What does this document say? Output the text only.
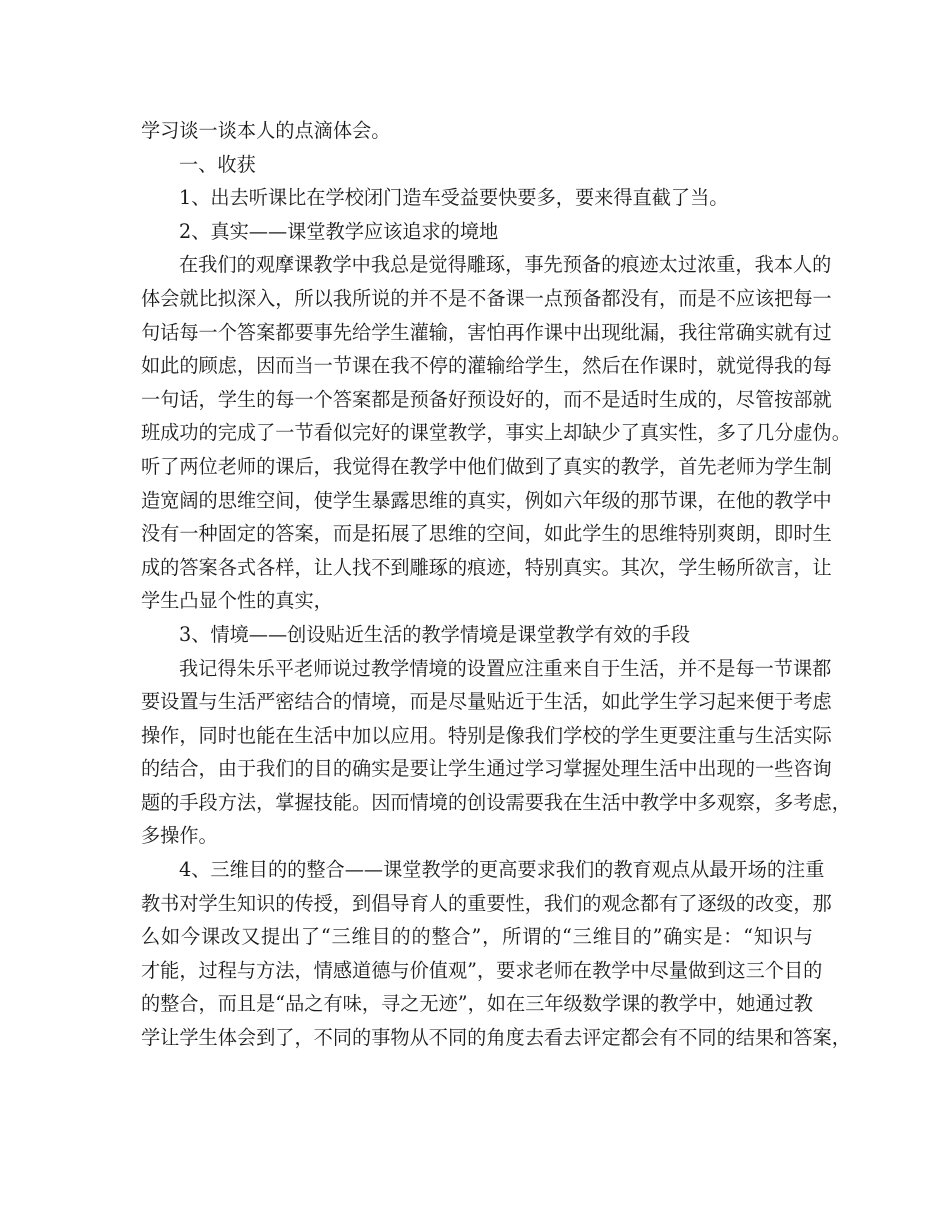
学习谈一谈本人的点滴体会。
一、收获
1、出去听课比在学校闭门造车受益要快要多，要来得直截了当。
2、真实——课堂教学应该追求的境地
在我们的观摩课教学中我总是觉得雕琢，事先预备的痕迹太过浓重，我本人的
体会就比拟深入，所以我所说的并不是不备课一点预备都没有，而是不应该把每一
句话每一个答案都要事先给学生灌输，害怕再作课中出现纰漏，我往常确实就有过
如此的顾虑，因而当一节课在我不停的灌输给学生，然后在作课时，就觉得我的每
一句话，学生的每一个答案都是预备好预设好的，而不是适时生成的，尽管按部就
班成功的完成了一节看似完好的课堂教学，事实上却缺少了真实性，多了几分虚伪。
听了两位老师的课后，我觉得在教学中他们做到了真实的教学，首先老师为学生制
造宽阔的思维空间，使学生暴露思维的真实，例如六年级的那节课，在他的教学中
没有一种固定的答案，而是拓展了思维的空间，如此学生的思维特别爽朗，即时生
成的答案各式各样，让人找不到雕琢的痕迹，特别真实。其次，学生畅所欲言，让
学生凸显个性的真实，
3、情境——创设贴近生活的教学情境是课堂教学有效的手段
我记得朱乐平老师说过教学情境的设置应注重来自于生活，并不是每一节课都
要设置与生活严密结合的情境，而是尽量贴近于生活，如此学生学习起来便于考虑
操作，同时也能在生活中加以应用。特别是像我们学校的学生更要注重与生活实际
的结合，由于我们的目的确实是要让学生通过学习掌握处理生活中出现的一些咨询
题的手段方法，掌握技能。因而情境的创设需要我在生活中教学中多观察，多考虑，
多操作。
4、三维目的的整合——课堂教学的更高要求我们的教育观点从最开场的注重
教书对学生知识的传授，到倡导育人的重要性，我们的观念都有了逐级的改变，那
么如今课改又提出了“三维目的的整合”，所谓的“三维目的”确实是：“知识与
才能，过程与方法，情感道德与价值观”，要求老师在教学中尽量做到这三个目的
的整合，而且是“品之有味，寻之无迹”，如在三年级数学课的教学中，她通过教
学让学生体会到了，不同的事物从不同的角度去看去评定都会有不同的结果和答案，
